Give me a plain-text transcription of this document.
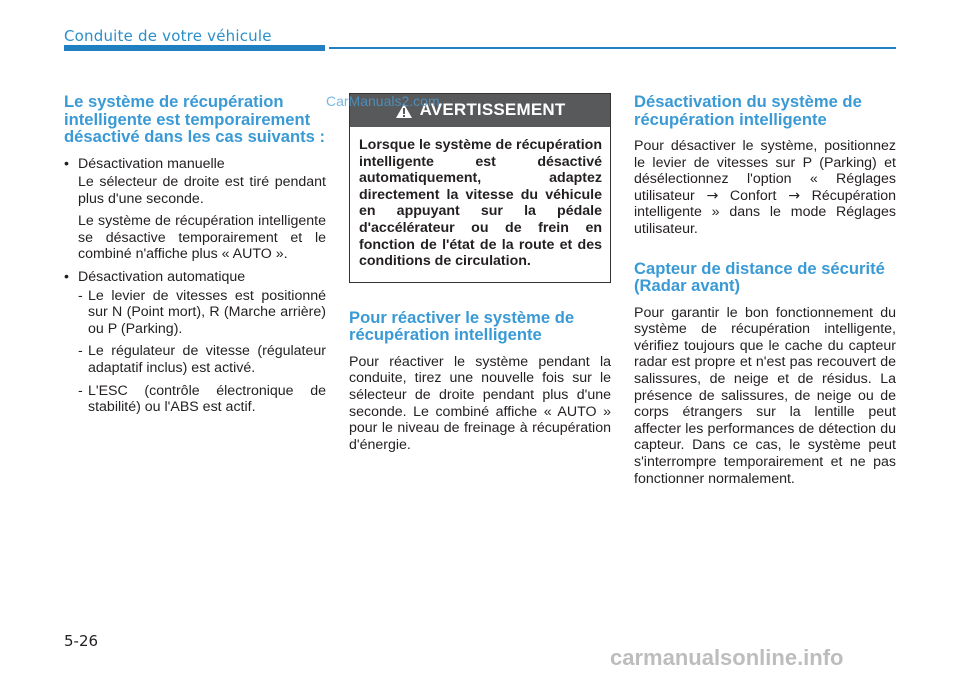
Conduite de votre véhicule
Le système de récupération intelligente est temporairement désactivé dans les cas suivants :
• Désactivation manuelle

Le sélecteur de droite est tiré pendant plus d'une seconde.

Le système de récupération intelligente se désactive temporairement et le combiné n'affiche plus « AUTO ».

• Désactivation automatique
- Le levier de vitesses est positionné sur N (Point mort), R (Marche arrière) ou P (Parking).
- Le régulateur de vitesse (régulateur adaptatif inclus) est activé.
- L'ESC (contrôle électronique de stabilité) ou l'ABS est actif.
AVERTISSEMENT
Lorsque le système de récupération intelligente est désactivé automatiquement, adaptez directement la vitesse du véhicule en appuyant sur la pédale d'accélérateur ou de frein en fonction de l'état de la route et des conditions de circulation.
Pour réactiver le système de récupération intelligente

Pour réactiver le système pendant la conduite, tirez une nouvelle fois sur le sélecteur de droite pendant plus d'une seconde. Le combiné affiche « AUTO » pour le niveau de freinage à récupération d'énergie.

Désactivation du système de récupération intelligente

Pour désactiver le système, positionnez le levier de vitesses sur P (Parking) et désélectionnez l'option « Réglages utilisateur → Confort → Récupération intelligente » dans le mode Réglages utilisateur.

Capteur de distance de sécurité (Radar avant)

Pour garantir le bon fonctionnement du système de récupération intelligente, vérifiez toujours que le cache du capteur radar est propre et n'est pas recouvert de salissures, de neige et de résidus. La présence de salissures, de neige ou de corps étrangers sur la lentille peut affecter les performances de détection du capteur. Dans ce cas, le système peut s'interrompre temporairement et ne pas fonctionner normalement.

CarManuals2.com
5-26
carmanualsonline.info
